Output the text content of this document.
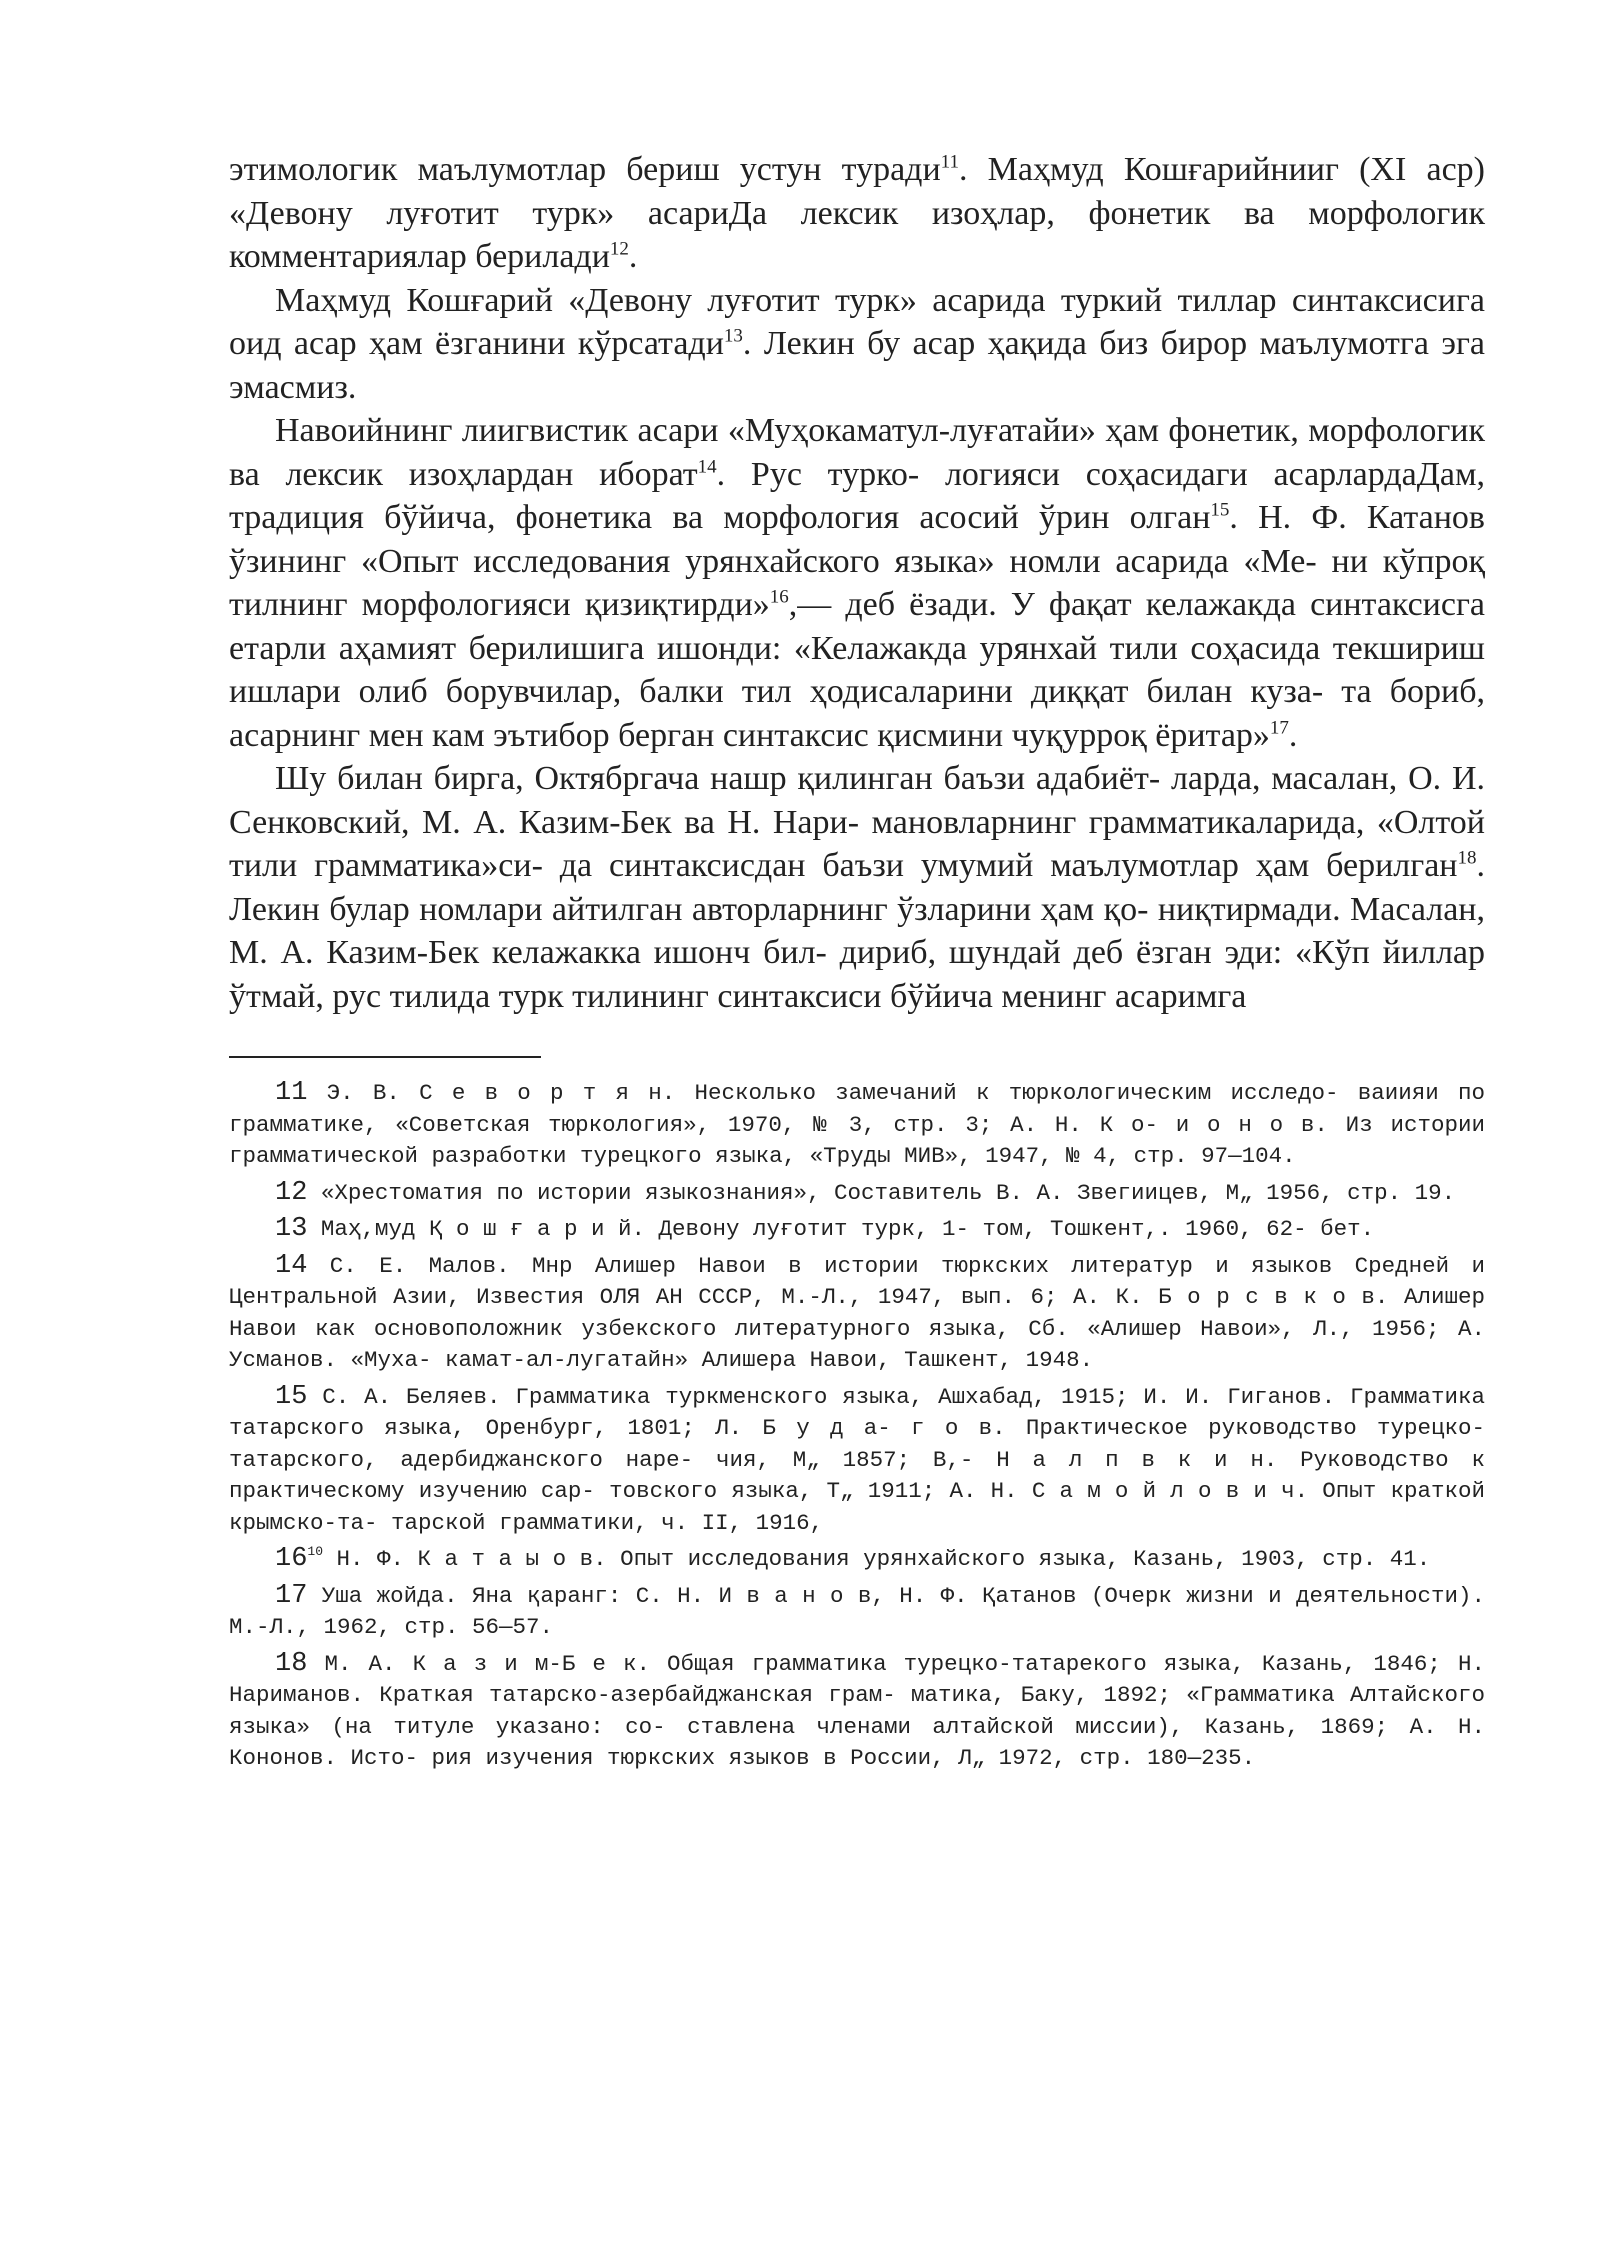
этимологик маълумотлар бериш устун туради$^{11}$. Маҳмуд Кошғарийнииг (XI аср) «Девону луғотит турк» асариДа лексик изоҳлар, фонетик ва морфологик комментариялар берилади$^{12}$.

Маҳмуд Кошғарий «Девону луғотит турк» асарида туркий тиллар синтаксисига оид асар ҳам ёзганини кўрсатади$^{13}$. Лекин бу асар ҳақида биз бирор маълумотга эга эмасмиз.

Навоийнинг лиигвистик асари «Муҳокаматул-луғатайи» ҳам фонетик, морфологик ва лексик изоҳлардан иборат$^{14}$. Рус турко- логияси соҳасидаги асарлардаДам, традиция бўйича, фонетика ва морфология асосий ўрин олган$^{15}$. Н. Ф. Катанов ўзининг «Опыт исследования урянхайского языка» номли асарида «Ме- ни кўпроқ тилнинг морфологияси қизиқтирди»$^{16}$,— деб ёзади. У фақат келажакда синтаксисга етарли аҳамият берилишига ишонди: «Келажакда урянхай тили соҳасида текшириш ишлари олиб борувчилар, балки тил ҳодисаларини диққат билан куза- та бориб, асарнинг мен кам эътибор берган синтаксис қисмини чуқурроқ ёритар»$^{17}$.

Шу билан бирга, Октябргача нашр қилинган баъзи адабиёт- ларда, масалан, О. И. Сенковский, М. А. Казим-Бек ва Н. Нари- мановларнинг грамматикаларида, «Олтой тили грамматика»си- да синтаксисдан баъзи умумий маълумотлар ҳам берилган$^{18}$. Лекин булар номлари айтилган авторларнинг ўзларини ҳам қо- ниқтирмади. Масалан, М. А. Казим-Бек келажакка ишонч бил- дириб, шундай деб ёзган эди: «Кўп йиллар ўтмай, рус тилида турк тилининг синтаксиси бўйича менинг асаримга

11 Э. В. С е в о р т я н. Несколько замечаний к тюркологическим исследо- ваиияи по грамматике, «Советская тюркология», 1970, № 3, стр. 3; А. Н. К о- и о н о в. Из истории грамматической разработки турецкого языка, «Труды МИВ», 1947, № 4, стр. 97—104.

12 «Хрестоматия по истории языкознания», Составитель В. А. Звегиицев, М„ 1956, стр. 19.

13 Маҳ,муд Қ о ш ғ а р и й. Девону луғотит турк, 1- том, Тошкент,. 1960, 62- бет.

14 С. Е. Малов. Мнр Алишер Навои в истории тюркских литератур и языков Средней и Центральной Азии, Известия ОЛЯ АН СССР, М.-Л., 1947, вып. 6; А. К. Б о р с в к о в. Алишер Навои как основоположник узбекского литературного языка, Сб. «Алишер Навои», Л., 1956; А. Усманов. «Муха- камат-ал-лугатайн» Алишера Навои, Ташкент, 1948.

15 С. А. Беляев. Грамматика туркменского языка, Ашхабад, 1915; И. И. Гиганов. Грамматика татарского языка, Оренбург, 1801; Л. Б у д а- г о в. Практическое руководство турецко-татарского, адербиджанского наре- чия, М„ 1857; В,- Н а л п в к и н. Руководство к практическому изучению сар- товского языка, Т„ 1911; А. Н. С а м о й л о в и ч. Опыт краткой крымско-та- тарской грамматики, ч. II, 1916,

$16^{10}$ Н. Ф. К а т а ы о в. Опыт исследования урянхайского языка, Казань, 1903, стр. 41.

17 Уша жойда. Яна қаранг: С. Н. И в а н о в, Н. Ф. Қатанов (Очерк жизни и деятельности). М.-Л., 1962, стр. 56—57.

18 М. А. К а з и м-Б е к. Общая грамматика турецко-татарекого языка, Казань, 1846; Н. Нариманов. Краткая татарско-азербайджанская грам- матика, Баку, 1892; «Грамматика Алтайского языка» (на титуле указано: со- ставлена членами алтайской миссии), Казань, 1869; А. Н. Кононов. Исто- рия изучения тюркских языков в России, Л„ 1972, стр. 180—235.
